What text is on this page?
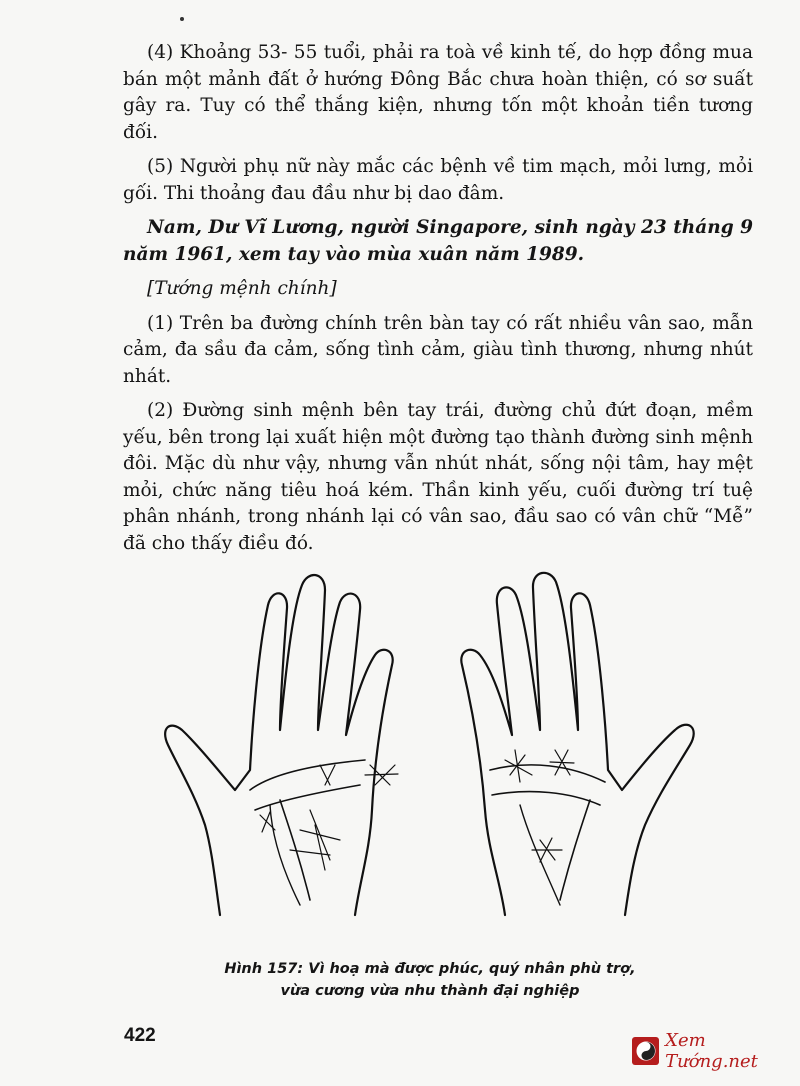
(4) Khoảng 53- 55 tuổi, phải ra toà về kinh tế, do hợp đồng mua bán một mảnh đất ở hướng Đông Bắc chưa hoàn thiện, có sơ suất gây ra. Tuy có thể thắng kiện, nhưng tốn một khoản tiền tương đối.

(5) Người phụ nữ này mắc các bệnh về tim mạch, mỏi lưng, mỏi gối. Thi thoảng đau đầu như bị dao đâm.

Nam, Dư Vĩ Lương, người Singapore, sinh ngày 23 tháng 9 năm 1961, xem tay vào mùa xuân năm 1989.

[Tướng mệnh chính]

(1) Trên ba đường chính trên bàn tay có rất nhiều vân sao, mẫn cảm, đa sầu đa cảm, sống tình cảm, giàu tình thương, nhưng nhút nhát.

(2) Đường sinh mệnh bên tay trái, đường chủ đứt đoạn, mềm yếu, bên trong lại xuất hiện một đường tạo thành đường sinh mệnh đôi. Mặc dù như vậy, nhưng vẫn nhút nhát, sống nội tâm, hay mệt mỏi, chức năng tiêu hoá kém. Thần kinh yếu, cuối đường trí tuệ phân nhánh, trong nhánh lại có vân sao, đầu sao có vân chữ “Mễ” đã cho thấy điều đó.

Hình 157: Vì hoạ mà được phúc, quý nhân phù trợ,
vừa cương vừa nhu thành đại nghiệp
422	Xem Tướng.net
